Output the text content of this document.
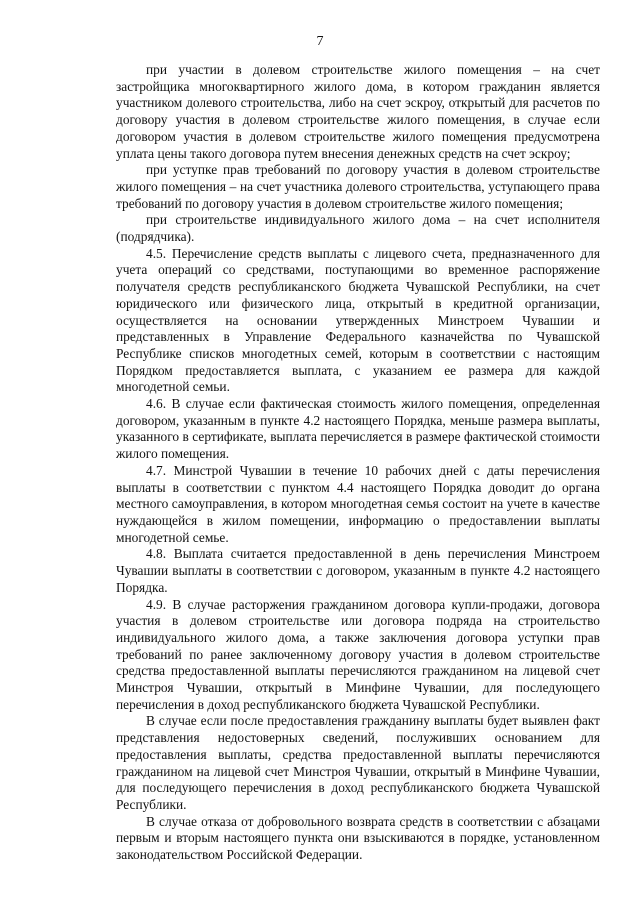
7

при участии в долевом строительстве жилого помещения – на счет застройщика многоквартирного жилого дома, в котором гражданин является участником долевого строительства, либо на счет эскроу, открытый для расчетов по договору участия в долевом строительстве жилого помещения, в случае если договором участия в долевом строительстве жилого помещения предусмотрена уплата цены такого договора путем внесения денежных средств на счет эскроу;

при уступке прав требований по договору участия в долевом строительстве жилого помещения – на счет участника долевого строительства, уступающего права требований по договору участия в долевом строительстве жилого помещения;

при строительстве индивидуального жилого дома – на счет исполнителя (подрядчика).

4.5. Перечисление средств выплаты с лицевого счета, предназначенного для учета операций со средствами, поступающими во временное распоряжение получателя средств республиканского бюджета Чувашской Республики, на счет юридического или физического лица, открытый в кредитной организации, осуществляется на основании утвержденных Минстроем Чувашии и представленных в Управление Федерального казначейства по Чувашской Республике списков многодетных семей, которым в соответствии с настоящим Порядком предоставляется выплата, с указанием ее размера для каждой многодетной семьи.

4.6. В случае если фактическая стоимость жилого помещения, определенная договором, указанным в пункте 4.2 настоящего Порядка, меньше размера выплаты, указанного в сертификате, выплата перечисляется в размере фактической стоимости жилого помещения.

4.7. Минстрой Чувашии в течение 10 рабочих дней с даты перечисления выплаты в соответствии с пунктом 4.4 настоящего Порядка доводит до органа местного самоуправления, в котором многодетная семья состоит на учете в качестве нуждающейся в жилом помещении, информацию о предоставлении выплаты многодетной семье.

4.8. Выплата считается предоставленной в день перечисления Минстроем Чувашии выплаты в соответствии с договором, указанным в пункте 4.2 настоящего Порядка.

4.9. В случае расторжения гражданином договора купли-продажи, договора участия в долевом строительстве или договора подряда на строительство индивидуального жилого дома, а также заключения договора уступки прав требований по ранее заключенному договору участия в долевом строительстве средства предоставленной выплаты перечисляются гражданином на лицевой счет Минстроя Чувашии, открытый в Минфине Чувашии, для последующего перечисления в доход республиканского бюджета Чувашской Республики.

В случае если после предоставления гражданину выплаты будет выявлен факт представления недостоверных сведений, послуживших основанием для предоставления выплаты, средства предоставленной выплаты перечисляются гражданином на лицевой счет Минстроя Чувашии, открытый в Минфине Чувашии, для последующего перечисления в доход республиканского бюджета Чувашской Республики.

В случае отказа от добровольного возврата средств в соответствии с абзацами первым и вторым настоящего пункта они взыскиваются в порядке, установленном законодательством Российской Федерации.
